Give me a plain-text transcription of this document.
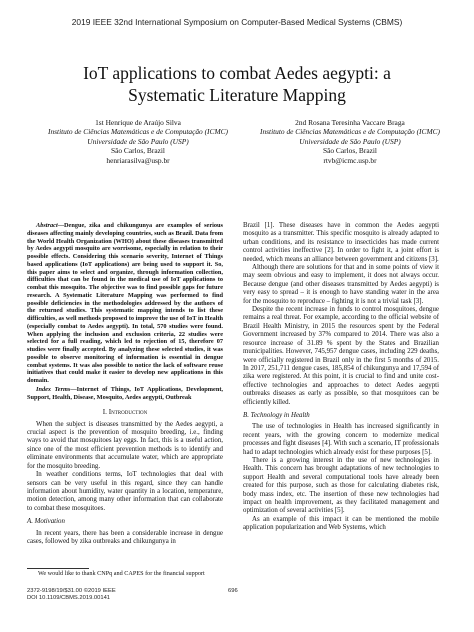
2019 IEEE 32nd International Symposium on Computer-Based Medical Systems (CBMS)
IoT applications to combat Aedes aegypti: a
Systematic Literature Mapping
1st Henrique de Araújo Silva
Instituto de Ciências Matemáticas e de Computação (ICMC)
Universidade de São Paulo (USP)
São Carlos, Brazil
henriarasilva@usp.br
2nd Rosana Teresinha Vaccare Braga
Instituto de Ciências Matemáticas e de Computação (ICMC)
Universidade de São Paulo (USP)
São Carlos, Brazil
rtvb@icmc.usp.br

Abstract—Dengue, zika and chikungunya are examples of serious diseases affecting mainly developing countries, such as Brazil. Data from the World Health Organization (WHO) about these diseases transmitted by Aedes aegypti mosquito are worrisome, especially in relation to their possible effects. Considering this scenario severity, Internet of Things based applications (IoT applications) are being used to support it. So, this paper aims to select and organize, through information collection, difficulties that can be found in the medical use of IoT applications to combat this mosquito. The objective was to find possible gaps for future research. A Systematic Literature Mapping was performed to find possible deficiencies in the methodologies addressed by the authors of the returned studies. This systematic mapping intends to list these difficulties, as well methods proposed to improve the use of IoT in Health (especially combat to Aedes aegypti). In total, 570 studies were found. When applying the inclusion and exclusion criteria, 22 studies were selected for a full reading, which led to rejection of 15, therefore 07 studies were finally accepted. By analyzing these selected studies, it was possible to observe monitoring of information is essential in dengue combat systems. It was also possible to notice the lack of software reuse initiatives that could make it easier to develop new applications in this domain.

Index Terms—Internet of Things, IoT Applications, Development, Support, Health, Disease, Mosquito, Aedes aegypti, Outbreak

I. Introduction

When the subject is diseases transmitted by the Aedes aegypti, a crucial aspect is the prevention of mosquito breeding, i.e., finding ways to avoid that mosquitoes lay eggs. In fact, this is a useful action, since one of the most efficient prevention methods is to identify and eliminate environments that accumulate water, which are appropriate for the mosquito breeding.

In weather conditions terms, IoT technologies that deal with sensors can be very useful in this regard, since they can handle information about humidity, water quantity in a location, temperature, motion detection, among many other information that can collaborate to combat these mosquitoes.

A. Motivation

In recent years, there has been a considerable increase in dengue cases, followed by zika outbreaks and chikungunya in

We would like to thank CNPq and CAPES for the financial support

Brazil [1]. These diseases have in common the Aedes aegypti mosquito as a transmitter. This specific mosquito is already adapted to urban conditions, and its resistance to insecticides has made current control activities ineffective [2]. In order to fight it, a joint effort is needed, which means an alliance between government and citizens [3].

Although there are solutions for that and in some points of view it may seem obvious and easy to implement, it does not always occur. Because dengue (and other diseases transmitted by Aedes aegypti) is very easy to spread – it is enough to have standing water in the area for the mosquito to reproduce – fighting it is not a trivial task [3].

Despite the recent increase in funds to control mosquitoes, dengue remains a real threat. For example, according to the official website of Brazil Health Ministry, in 2015 the resources spent by the Federal Government increased by 37% compared to 2014. There was also a resource increase of 31.89 % spent by the States and Brazilian municipalities. However, 745,957 dengue cases, including 229 deaths, were officially registered in Brazil only in the first 5 months of 2015. In 2017, 251,711 dengue cases, 185,854 of chikungunya and 17,594 of zika were registered. At this point, it is crucial to find and unite cost-effective technologies and approaches to detect Aedes aegypti outbreaks diseases as early as possible, so that mosquitoes can be efficiently killed.

B. Technology in Health

The use of technologies in Health has increased significantly in recent years, with the growing concern to modernize medical processes and fight diseases [4]. With such a scenario, IT professionals had to adapt technologies which already exist for these purposes [5].

There is a growing interest in the use of new technologies in Health. This concern has brought adaptations of new technologies to support Health and several computational tools have already been created for this purpose, such as those for calculating diabetes risk, body mass index, etc. The insertion of these new technologies had impact on health improvement, as they facilitated management and optimization of several activities [5].

As an example of this impact it can be mentioned the mobile application popularization and Web Systems, which

2372-9198/19/$31.00 ©2019 IEEE
DOI 10.1109/CBMS.2019.00141
696
